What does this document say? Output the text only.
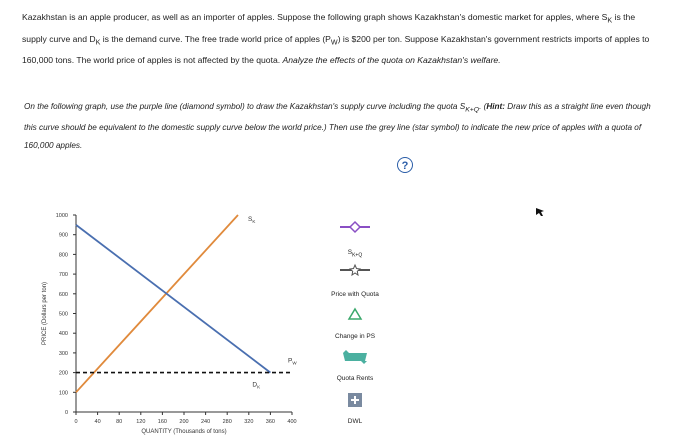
Kazakhstan is an apple producer, as well as an importer of apples. Suppose the following graph shows Kazakhstan's domestic market for apples, where $S_K$ is the supply curve and $D_K$ is the demand curve. The free trade world price of apples $(P_W)$ is $200 per ton. Suppose Kazakhstan's government restricts imports of apples to 160,000 tons. The world price of apples is not affected by the quota. Analyze the effects of the quota on Kazakhstan's welfare.
On the following graph, use the purple line (diamond symbol) to draw the Kazakhstan's supply curve including the quota $S_{K+Q}$. (Hint: Draw this as a straight line even though this curve should be equivalent to the domestic supply curve below the world price.) Then use the grey line (star symbol) to indicate the new price of apples with a quota of 160,000 apples.
?
0
100
200
300
400
500
600
700
800
900
1000
0	40	80	120 160 200 240 280 320 360 400
QUANTITY (Thousands of tons)
PRICE (Dollars per ton)
$S_K$
$D_K$
$P_W$
$S_{K+Q}$
Price with Quota
Change in PS
Quota Rents
DWL
